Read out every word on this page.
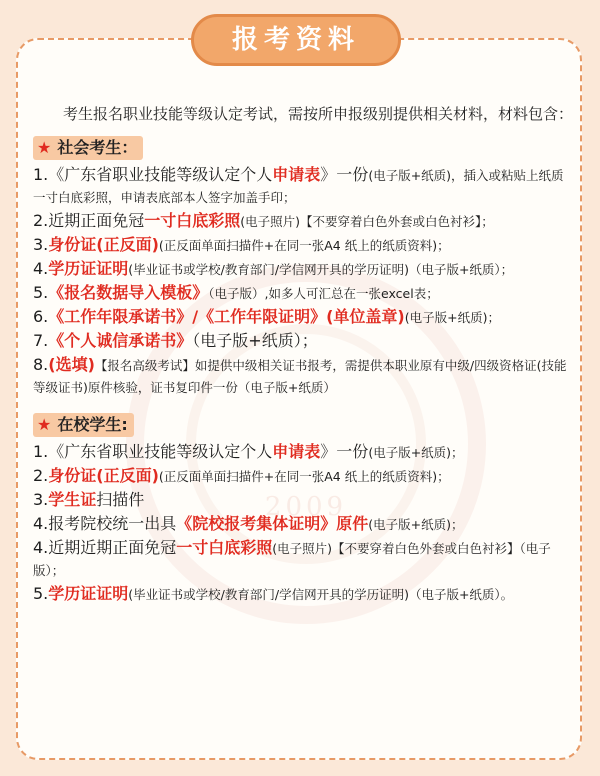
2009
报考资料

考生报名职业技能等级认定考试，需按所申报级别提供相关材料，材料包含：

★ 社会考生：
1.《广东省职业技能等级认定个人申请表》一份(电子版+纸质)，插入或粘贴上纸质一寸白底彩照，申请表底部本人签字加盖手印；
2.近期正面免冠一寸白底彩照(电子照片)【不要穿着白色外套或白色衬衫】；
3.身份证(正反面)(正反面单面扫描件+在同一张A4 纸上的纸质资料)；
4.学历证证明(毕业证书或学校/教育部门/学信网开具的学历证明)（电子版+纸质）；
5.《报名数据导入模板》（电子版）,如多人可汇总在一张excel表；
6.《工作年限承诺书》/《工作年限证明》(单位盖章)(电子版+纸质)；
7.《个人诚信承诺书》（电子版+纸质）；
8.(选填)【报名高级考试】如提供中级相关证书报考，需提供本职业原有中级/四级资格证(技能等级证书)原件核验，证书复印件一份（电子版+纸质）
★ 在校学生:
1.《广东省职业技能等级认定个人申请表》一份(电子版+纸质)；
2.身份证(正反面)(正反面单面扫描件+在同一张A4 纸上的纸质资料)；
3.学生证扫描件
4.报考院校统一出具《院校报考集体证明》原件(电子版+纸质)；
4.近期近期正面免冠一寸白底彩照(电子照片)【不要穿着白色外套或白色衬衫】（电子版）；
5.学历证证明(毕业证书或学校/教育部门/学信网开具的学历证明)（电子版+纸质）。
